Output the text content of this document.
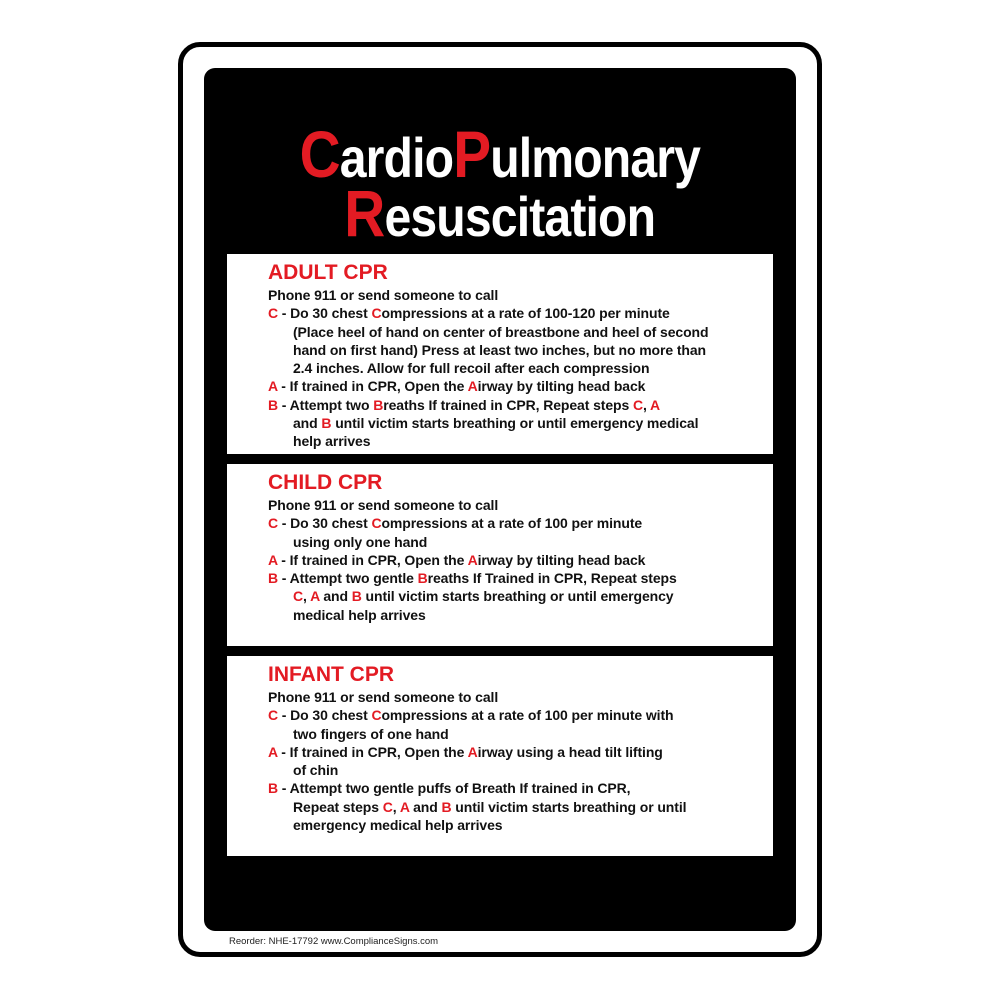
CardioPulmonary
Resuscitation
ADULT CPR
Phone 911 or send someone to call
C - Do 30 chest Compressions at a rate of 100-120 per minute
(Place heel of hand on center of breastbone and heel of second
hand on first hand) Press at least two inches, but no more than
2.4 inches. Allow for full recoil after each compression
A - If trained in CPR, Open the Airway by tilting head back
B - Attempt two Breaths If trained in CPR, Repeat steps C, A
and B until victim starts breathing or until emergency medical
help arrives
CHILD CPR
Phone 911 or send someone to call
C - Do 30 chest Compressions at a rate of 100 per minute
using only one hand
A - If trained in CPR, Open the Airway by tilting head back
B - Attempt two gentle Breaths If Trained in CPR, Repeat steps
C, A and B until victim starts breathing or until emergency
medical help arrives
INFANT CPR
Phone 911 or send someone to call
C - Do 30 chest Compressions at a rate of 100 per minute with
two fingers of one hand
A - If trained in CPR, Open the Airway using a head tilt lifting
of chin
B - Attempt two gentle puffs of Breath If trained in CPR,
Repeat steps C, A and B until victim starts breathing or until
emergency medical help arrives
Reorder: NHE-17792 www.ComplianceSigns.com
